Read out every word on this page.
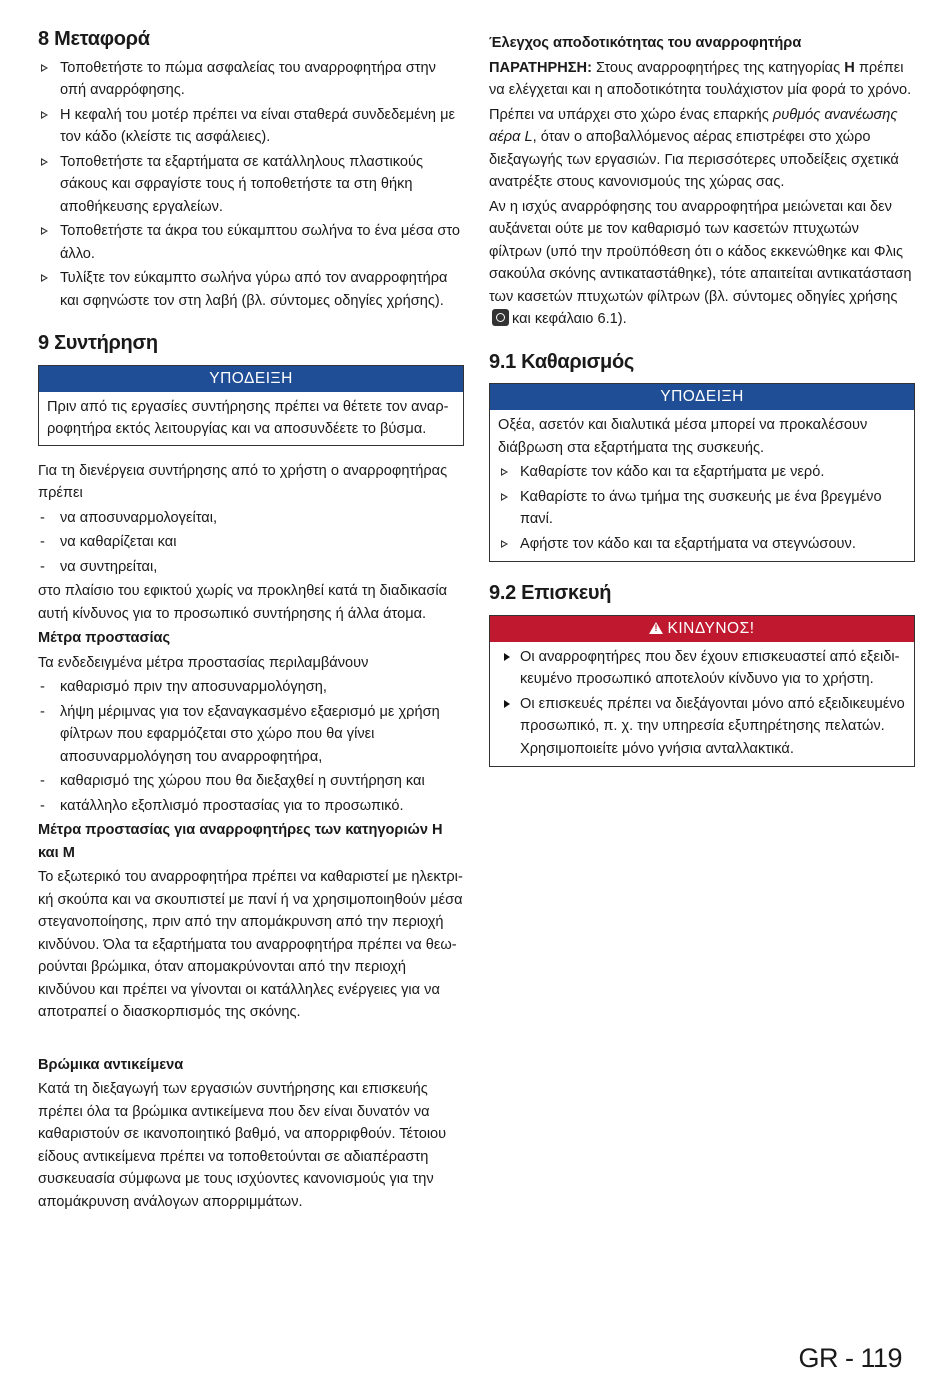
8 Μεταφορά
Τοποθετήστε το πώμα ασφαλείας του αναρροφητήρα στην οπή αναρρόφησης.
Η κεφαλή του μοτέρ πρέπει να είναι σταθερά συνδεδεμένη με τον κάδο (κλείστε τις ασφάλειες).
Τοποθετήστε τα εξαρτήματα σε κατάλληλους πλαστικούς σάκους και σφραγίστε τους ή τοποθετήστε τα στη θήκη αποθήκευσης εργαλείων.
Τοποθετήστε τα άκρα του εύκαμπτου σωλήνα το ένα μέσα στο άλλο.
Τυλίξτε τον εύκαμπτο σωλήνα γύρω από τον αναρροφητήρα και σφηνώστε τον στη λαβή (βλ. σύντομες οδηγίες χρήσης).
9 Συντήρηση
ΥΠΟΔΕΙΞΗ
Πριν από τις εργασίες συντήρησης πρέπει να θέτετε τον αναρροφητήρα εκτός λειτουργίας και να αποσυνδέετε το βύσμα.

Για τη διενέργεια συντήρησης από το χρήστη ο αναρροφητήρας πρέπει

- να αποσυναρμολογείται,
- να καθαρίζεται και
- να συντηρείται,

στο πλαίσιο του εφικτού χωρίς να προκληθεί κατά τη διαδικασία αυτή κίνδυνος για το προσωπικό συντήρησης ή άλλα άτομα.

Μέτρα προστασίας

Τα ενδεδειγμένα μέτρα προστασίας περιλαμβάνουν

- καθαρισμό πριν την αποσυναρμολόγηση,
- λήψη μέριμνας για τον εξαναγκασμένο εξαερισμό με χρήση φίλτρων που εφαρμόζεται στο χώρο που θα γίνει αποσυναρμολόγηση του αναρροφητήρα,
- καθαρισμό της χώρου που θα διεξαχθεί η συντήρηση και
- κατάλληλο εξοπλισμό προστασίας για το προσωπικό.

Μέτρα προστασίας για αναρροφητήρες των κατηγοριών H και M

Το εξωτερικό του αναρροφητήρα πρέπει να καθαριστεί με ηλεκτρική σκούπα και να σκουπιστεί με πανί ή να χρησιμοποιηθούν μέσα στεγανοποίησης, πριν από την απομάκρυνση από την περιοχή κινδύνου. Όλα τα εξαρτήματα του αναρροφητήρα πρέπει να θεωρούνται βρώμικα, όταν απομακρύνονται από την περιοχή κινδύνου και πρέπει να γίνονται οι κατάλληλες ενέργειες για να αποτραπεί ο διασκορπισμός της σκόνης.

Βρώμικα αντικείμενα

Κατά τη διεξαγωγή των εργασιών συντήρησης και επισκευής πρέπει όλα τα βρώμικα αντικείμενα που δεν είναι δυνατόν να καθαριστούν σε ικανοποιητικό βαθμό, να απορριφθούν. Τέτοιου είδους αντικείμενα πρέπει να τοποθετούνται σε αδιαπέραστη συσκευασία σύμφωνα με τους ισχύοντες κανονισμούς για την απομάκρυνση ανάλογων απορριμμάτων.

Έλεγχος αποδοτικότητας του αναρροφητήρα

ΠΑΡΑΤΗΡΗΣΗ: Στους αναρροφητήρες της κατηγορίας H πρέπει να ελέγχεται και η αποδοτικότητα τουλάχιστον μία φορά το χρόνο.

Πρέπει να υπάρχει στο χώρο ένας επαρκής ρυθμός ανανέωσης αέρα L, όταν ο αποβαλλόμενος αέρας επιστρέφει στο χώρο διεξαγωγής των εργασιών. Για περισσότερες υποδείξεις σχετικά ανατρέξτε στους κανονισμούς της χώρας σας.

Αν η ισχύς αναρρόφησης του αναρροφητήρα μειώνεται και δεν αυξάνεται ούτε με τον καθαρισμό των κασετών πτυχωτών φίλτρων (υπό την προϋπόθεση ότι ο κάδος εκκενώθηκε και Φλις σακούλα σκόνης αντικαταστάθηκε), τότε απαιτείται αντικατάσταση των κασετών πτυχωτών φίλτρων (βλ. σύντομες οδηγίες χρήσηςκαι κεφάλαιο 6.1).

9.1 Καθαρισμός
ΥΠΟΔΕΙΞΗ

Οξέα, ασετόν και διαλυτικά μέσα μπορεί να προκαλέσουν διάβρωση στα εξαρτήματα της συσκευής.

Καθαρίστε τον κάδο και τα εξαρτήματα με νερό.
Καθαρίστε το άνω τμήμα της συσκευής με ένα βρεγμένο πανί.
Αφήστε τον κάδο και τα εξαρτήματα να στεγνώσουν.
9.2 Επισκευή
!ΚΙΝΔΥΝΟΣ!
Οι αναρροφητήρες που δεν έχουν επισκευαστεί από εξειδικευμένο προσωπικό αποτελούν κίνδυνο για το χρήστη.
Οι επισκευές πρέπει να διεξάγονται μόνο από εξειδικευμένο προσωπικό, π. χ. την υπηρεσία εξυπηρέτησης πελατών. Χρησιμοποιείτε μόνο γνήσια ανταλλακτικά.
GR - 119
